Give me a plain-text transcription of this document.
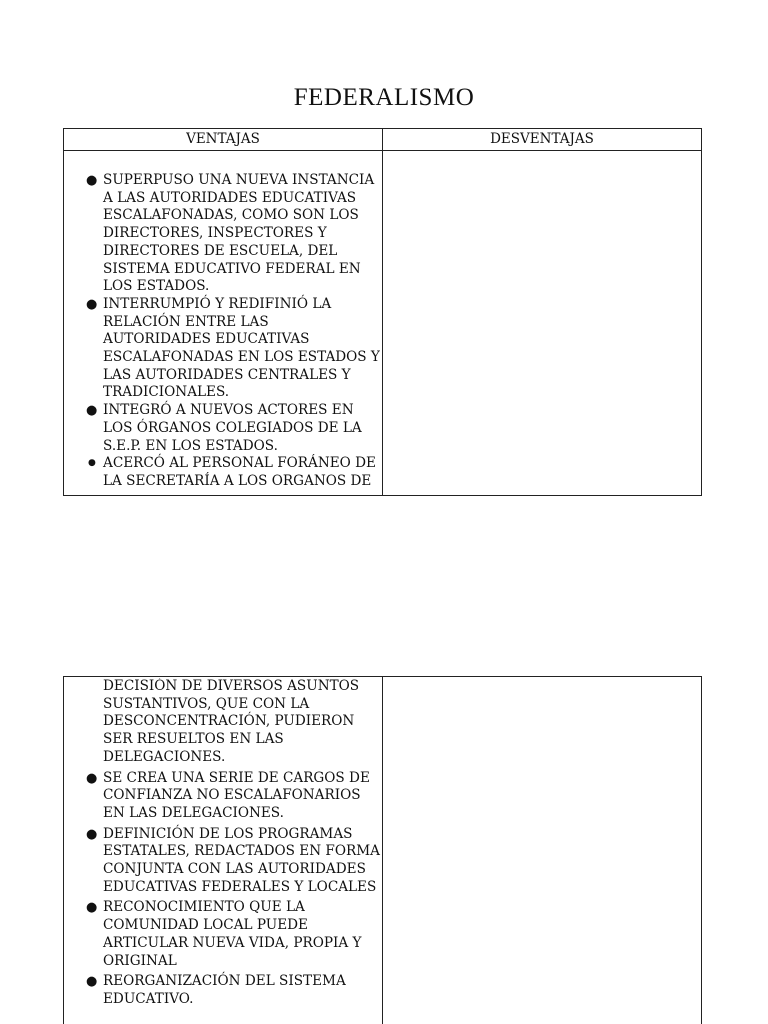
FEDERALISMO
VENTAJAS	DESVENTAJAS
● SUPERPUSO UNA NUEVA INSTANCIA A LAS AUTORIDADES EDUCATIVAS ESCALAFONADAS, COMO SON LOS DIRECTORES, INSPECTORES Y DIRECTORES DE ESCUELA, DEL SISTEMA EDUCATIVO FEDERAL EN LOS ESTADOS.
● INTERRUMPIÓ Y REDIFINIÓ LA RELACIÓN ENTRE LAS AUTORIDADES EDUCATIVAS ESCALAFONADAS EN LOS ESTADOS Y LAS AUTORIDADES CENTRALES Y TRADICIONALES.
● INTEGRÓ A NUEVOS ACTORES EN LOS ÓRGANOS COLEGIADOS DE LA S.E.P. EN LOS ESTADOS.
● ACERCÓ AL PERSONAL FORÁNEO DE LA SECRETARÍA A LOS ORGANOS DE
DECISIÓN DE DIVERSOS ASUNTOS SUSTANTIVOS, QUE CON LA DESCONCENTRACIÓN, PUDIERON SER RESUELTOS EN LAS DELEGACIONES.
● SE CREA UNA SERIE DE CARGOS DE CONFIANZA NO ESCALAFONARIOS EN LAS DELEGACIONES.
● DEFINICIÓN DE LOS PROGRAMAS ESTATALES, REDACTADOS EN FORMA CONJUNTA CON LAS AUTORIDADES EDUCATIVAS FEDERALES Y LOCALES
● RECONOCIMIENTO QUE LA COMUNIDAD LOCAL PUEDE ARTICULAR NUEVA VIDA, PROPIA Y ORIGINAL
● REORGANIZACIÓN DEL SISTEMA EDUCATIVO.
